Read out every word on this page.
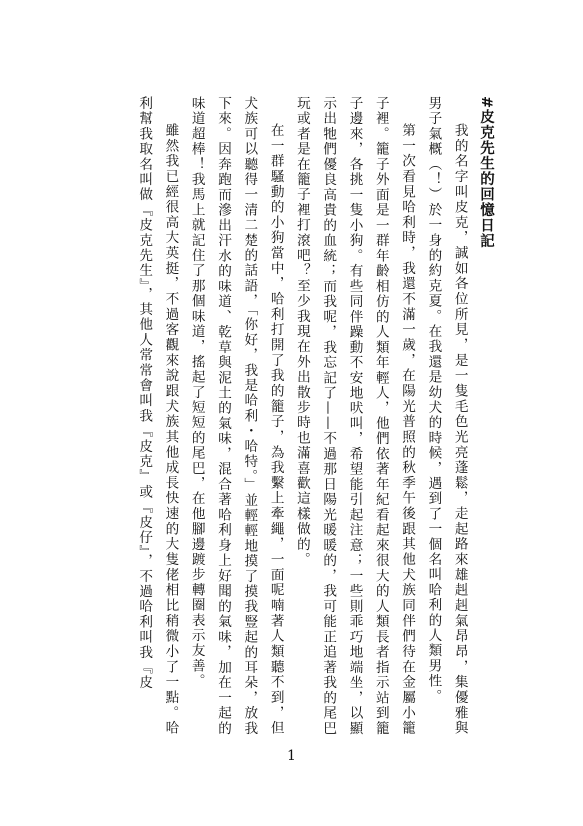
#皮克先生的回憶日記

我的名字叫皮克，誠如各位所見，是一隻毛色光亮蓬鬆，走起路來雄赳赳氣昂昂，集優雅與男子氣概（！）於一身的約克夏。在我還是幼犬的時候，遇到了一個名叫哈利的人類男性。

第一次看見哈利時，我還不滿一歲，在陽光普照的秋季午後跟其他犬族同伴們待在金屬小籠子裡。籠子外面是一群年齡相仿的人類年輕人，他們依著年紀看起來很大的人類長者指示站到籠子邊來，各挑一隻小狗。有些同伴躁動不安地吠叫，希望能引起注意；一些則乖巧地端坐，以顯示出牠們優良高貴的血統；而我呢，我忘記了——不過那日陽光暖暖的，我可能正追著我的尾巴玩或者是在籠子裡打滾吧？至少我現在外出散步時也滿喜歡這樣做的。

在一群騷動的小狗當中，哈利打開了我的籠子，為我繫上牽繩，一面呢喃著人類聽不到，但犬族可以聽得一清二楚的話語，「你好，我是哈利・哈特。」並輕輕地摸了摸我豎起的耳朵，放我下來。因奔跑而滲出汗水的味道、乾草與泥土的氣味，混合著哈利身上好聞的氣味，加在一起的味道超棒！我馬上就記住了那個味道，搖起了短短的尾巴，在他腳邊踱步轉圈表示友善。

雖然我已經很高大英挺，不過客觀來說跟犬族其他成長快速的大隻佬相比稍微小了一點。哈利幫我取名叫做『皮克先生』，其他人常常會叫我『皮克』或『皮仔』，不過哈利叫我『皮

1
